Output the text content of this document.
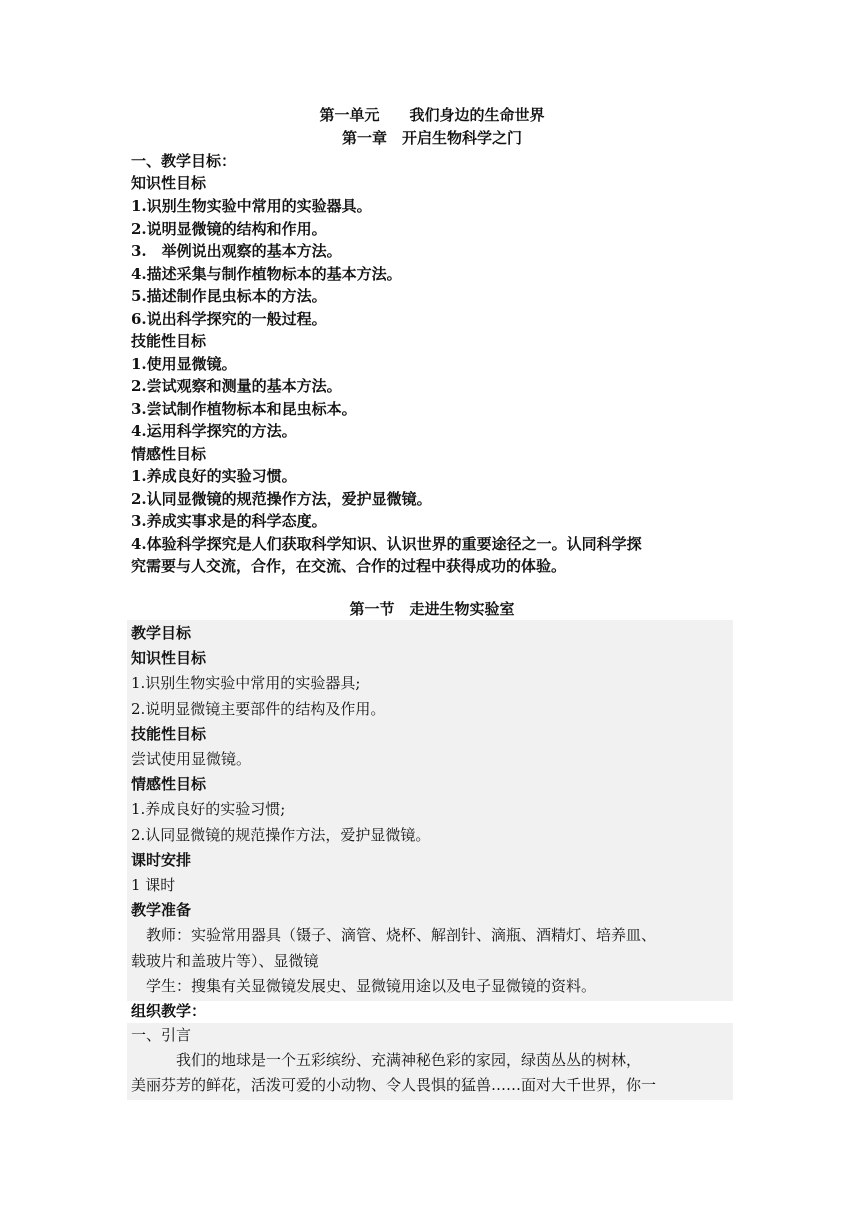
第一单元　　我们身边的生命世界
第一章　开启生物科学之门
一、教学目标：
知识性目标
1.识别生物实验中常用的实验器具。
2.说明显微镜的结构和作用。
3.　举例说出观察的基本方法。
4.描述采集与制作植物标本的基本方法。
5.描述制作昆虫标本的方法。
6.说出科学探究的一般过程。
技能性目标
1.使用显微镜。
2.尝试观察和测量的基本方法。
3.尝试制作植物标本和昆虫标本。
4.运用科学探究的方法。
情感性目标
1.养成良好的实验习惯。
2.认同显微镜的规范操作方法，爱护显微镜。
3.养成实事求是的科学态度。
4.体验科学探究是人们获取科学知识、认识世界的重要途径之一。认同科学探
究需要与人交流，合作，在交流、合作的过程中获得成功的体验。
第一节　走进生物实验室
教学目标
知识性目标
1.识别生物实验中常用的实验器具;
2.说明显微镜主要部件的结构及作用。
技能性目标
尝试使用显微镜。
情感性目标
1.养成良好的实验习惯;
2.认同显微镜的规范操作方法，爱护显微镜。
课时安排
1 课时
教学准备
　教师：实验常用器具（镊子、滴管、烧杯、解剖针、滴瓶、酒精灯、培养皿、
载玻片和盖玻片等）、显微镜
　学生：搜集有关显微镜发展史、显微镜用途以及电子显微镜的资料。
组织教学：
一、引言
　　　我们的地球是一个五彩缤纷、充满神秘色彩的家园，绿茵丛丛的树林，
美丽芬芳的鲜花，活泼可爱的小动物、令人畏惧的猛兽……面对大千世界，你一
